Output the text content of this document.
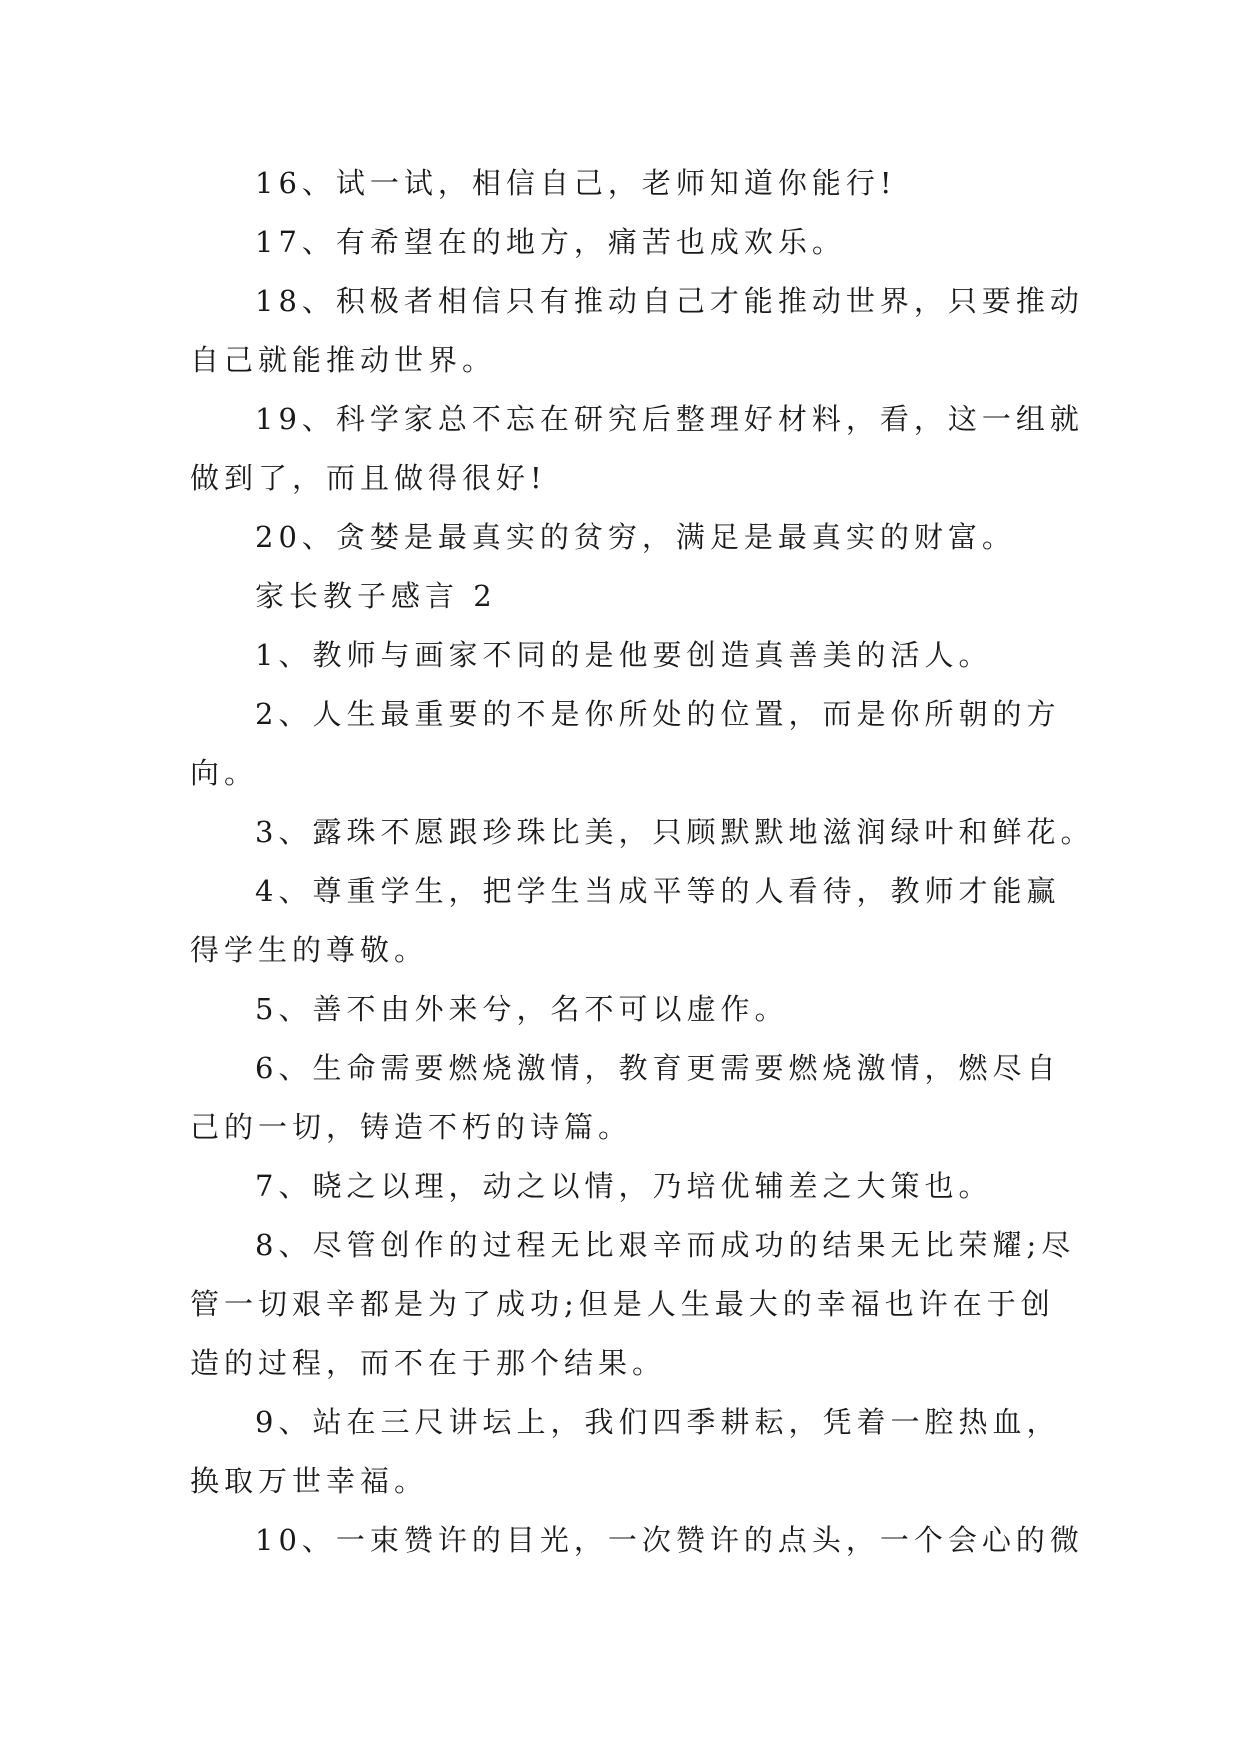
16、试一试，相信自己，老师知道你能行!
17、有希望在的地方，痛苦也成欢乐。
18、积极者相信只有推动自己才能推动世界，只要推动
自己就能推动世界。
19、科学家总不忘在研究后整理好材料，看，这一组就
做到了，而且做得很好!
20、贪婪是最真实的贫穷，满足是最真实的财富。
家长教子感言 2
1、教师与画家不同的是他要创造真善美的活人。
2、人生最重要的不是你所处的位置，而是你所朝的方
向。
3、露珠不愿跟珍珠比美，只顾默默地滋润绿叶和鲜花。
4、尊重学生，把学生当成平等的人看待，教师才能赢
得学生的尊敬。
5、善不由外来兮，名不可以虚作。
6、生命需要燃烧激情，教育更需要燃烧激情，燃尽自
己的一切，铸造不朽的诗篇。
7、晓之以理，动之以情，乃培优辅差之大策也。
8、尽管创作的过程无比艰辛而成功的结果无比荣耀;尽
管一切艰辛都是为了成功;但是人生最大的幸福也许在于创
造的过程，而不在于那个结果。
9、站在三尺讲坛上，我们四季耕耘，凭着一腔热血，
换取万世幸福。
10、一束赞许的目光，一次赞许的点头，一个会心的微
